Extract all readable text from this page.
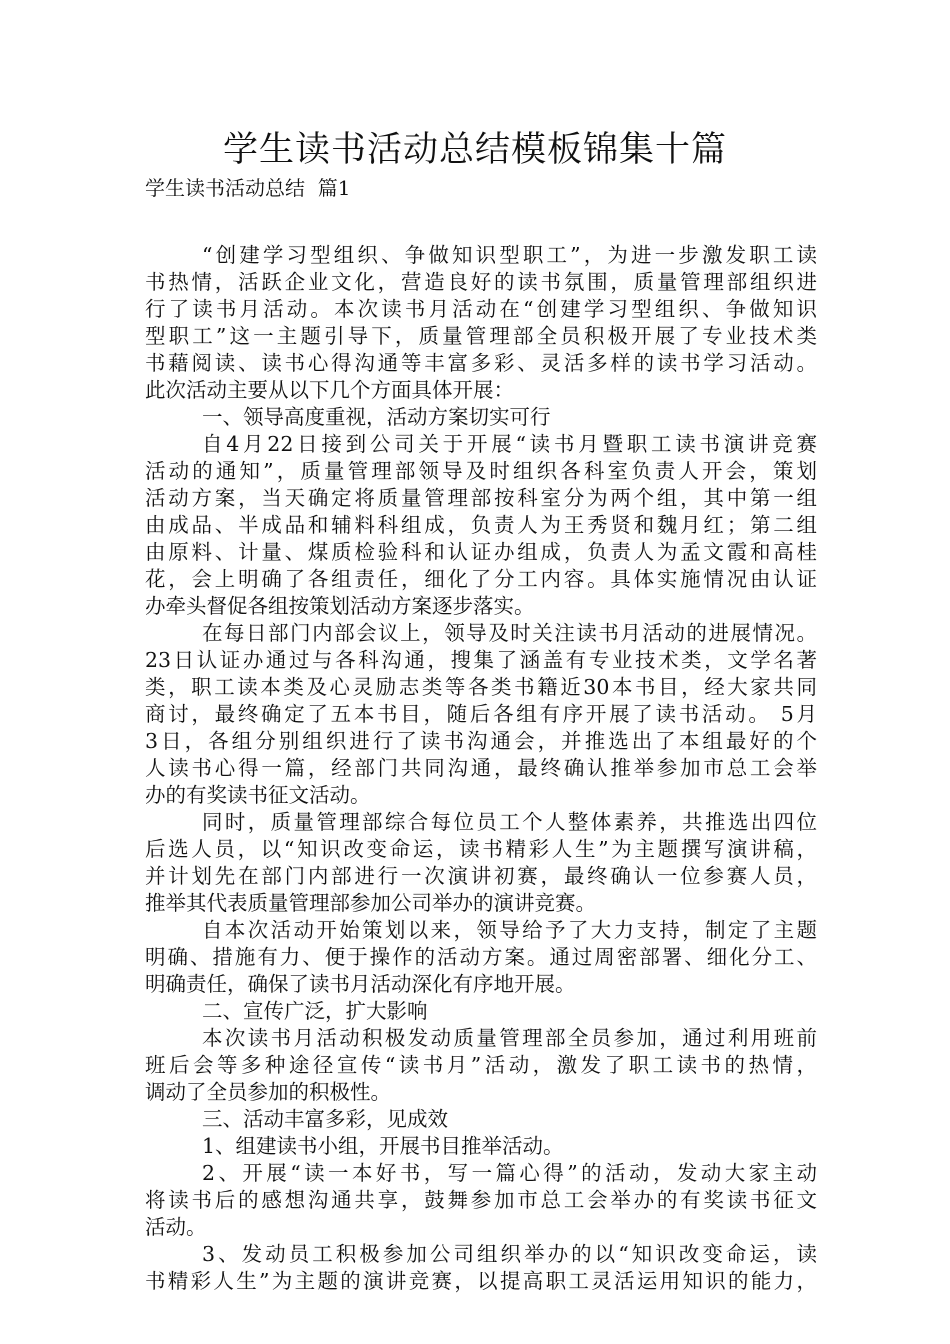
学生读书活动总结模板锦集十篇
学生读书活动总结  篇1
“创建学习型组织、争做知识型职工”，为进一步激发职工读
书热情，活跃企业文化，营造良好的读书氛围，质量管理部组织进
行了读书月活动。本次读书月活动在“创建学习型组织、争做知识
型职工”这一主题引导下，质量管理部全员积极开展了专业技术类
书藉阅读、读书心得沟通等丰富多彩、灵活多样的读书学习活动。
此次活动主要从以下几个方面具体开展：
一、领导高度重视，活动方案切实可行
自4月22日接到公司关于开展“读书月暨职工读书演讲竞赛
活动的通知”，质量管理部领导及时组织各科室负责人开会，策划
活动方案，当天确定将质量管理部按科室分为两个组，其中第一组
由成品、半成品和辅料科组成，负责人为王秀贤和魏月红；第二组
由原料、计量、煤质检验科和认证办组成，负责人为孟文霞和高桂
花，会上明确了各组责任，细化了分工内容。具体实施情况由认证
办牵头督促各组按策划活动方案逐步落实。
在每日部门内部会议上，领导及时关注读书月活动的进展情况。
23日认证办通过与各科沟通，搜集了涵盖有专业技术类，文学名著
类，职工读本类及心灵励志类等各类书籍近30本书目，经大家共同
商讨，最终确定了五本书目，随后各组有序开展了读书活动。 5月
3日，各组分别组织进行了读书沟通会，并推选出了本组最好的个
人读书心得一篇，经部门共同沟通，最终确认推举参加市总工会举
办的有奖读书征文活动。
同时，质量管理部综合每位员工个人整体素养，共推选出四位
后选人员，以“知识改变命运，读书精彩人生”为主题撰写演讲稿，
并计划先在部门内部进行一次演讲初赛，最终确认一位参赛人员，
推举其代表质量管理部参加公司举办的演讲竞赛。
自本次活动开始策划以来，领导给予了大力支持，制定了主题
明确、措施有力、便于操作的活动方案。通过周密部署、细化分工、
明确责任，确保了读书月活动深化有序地开展。
二、宣传广泛，扩大影响
本次读书月活动积极发动质量管理部全员参加，通过利用班前
班后会等多种途径宣传“读书月”活动，激发了职工读书的热情，
调动了全员参加的积极性。
三、活动丰富多彩，见成效
1、组建读书小组，开展书目推举活动。
2、开展“读一本好书，写一篇心得”的活动，发动大家主动
将读书后的感想沟通共享，鼓舞参加市总工会举办的有奖读书征文
活动。
3、发动员工积极参加公司组织举办的以“知识改变命运，读
书精彩人生”为主题的演讲竞赛，以提高职工灵活运用知识的能力，
